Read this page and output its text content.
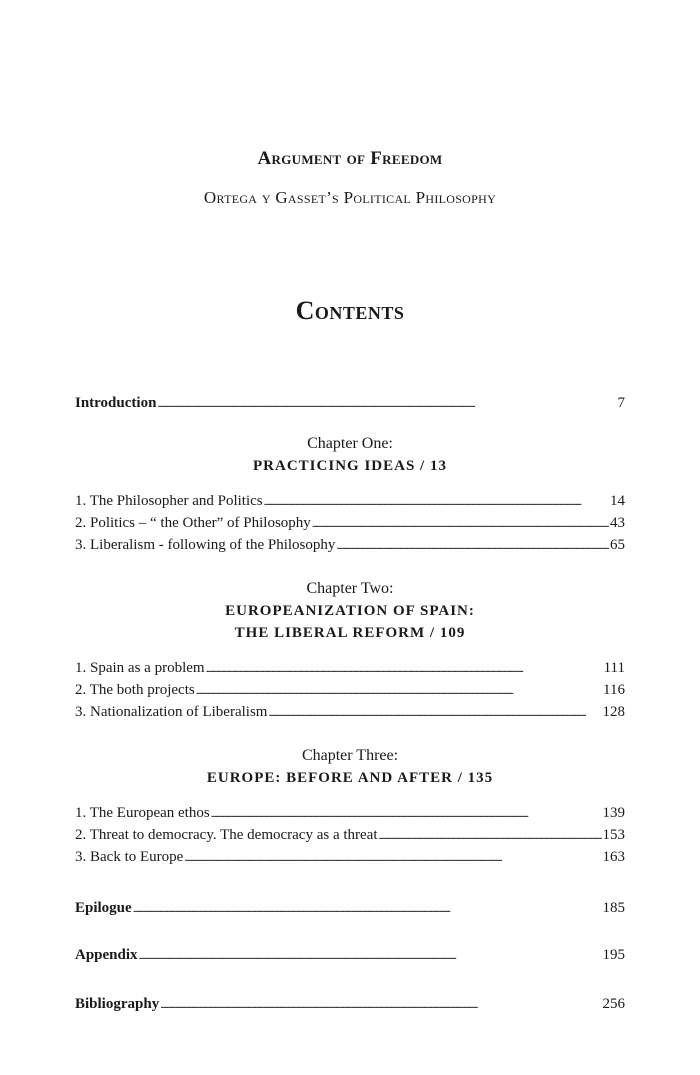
Argument of Freedom
Ortega y Gasset’s Political Philosophy
Contents
Introduction . . .	7
Chapter One:
PRACTICING IDEAS / 13
1. The Philosopher and Politics . . .	14
2. Politics – “ the Other” of Philosophy . . .	43
3. Liberalism - following of the Philosophy . . .	65
Chapter Two:
EUROPEANIZATION OF SPAIN:
THE LIBERAL REFORM / 109
1. Spain as a problem . . .	111
2. The both projects . . .	116
3. Nationalization of Liberalism . . .	128
Chapter Three:
EUROPE: BEFORE AND AFTER / 135
1. The European ethos . . .	139
2. Threat to democracy. The democracy as a threat . . .	153
3. Back to Europe . . .	163
Epilogue . . .	185
Appendix . . .	195
Bibliography . . .	256
